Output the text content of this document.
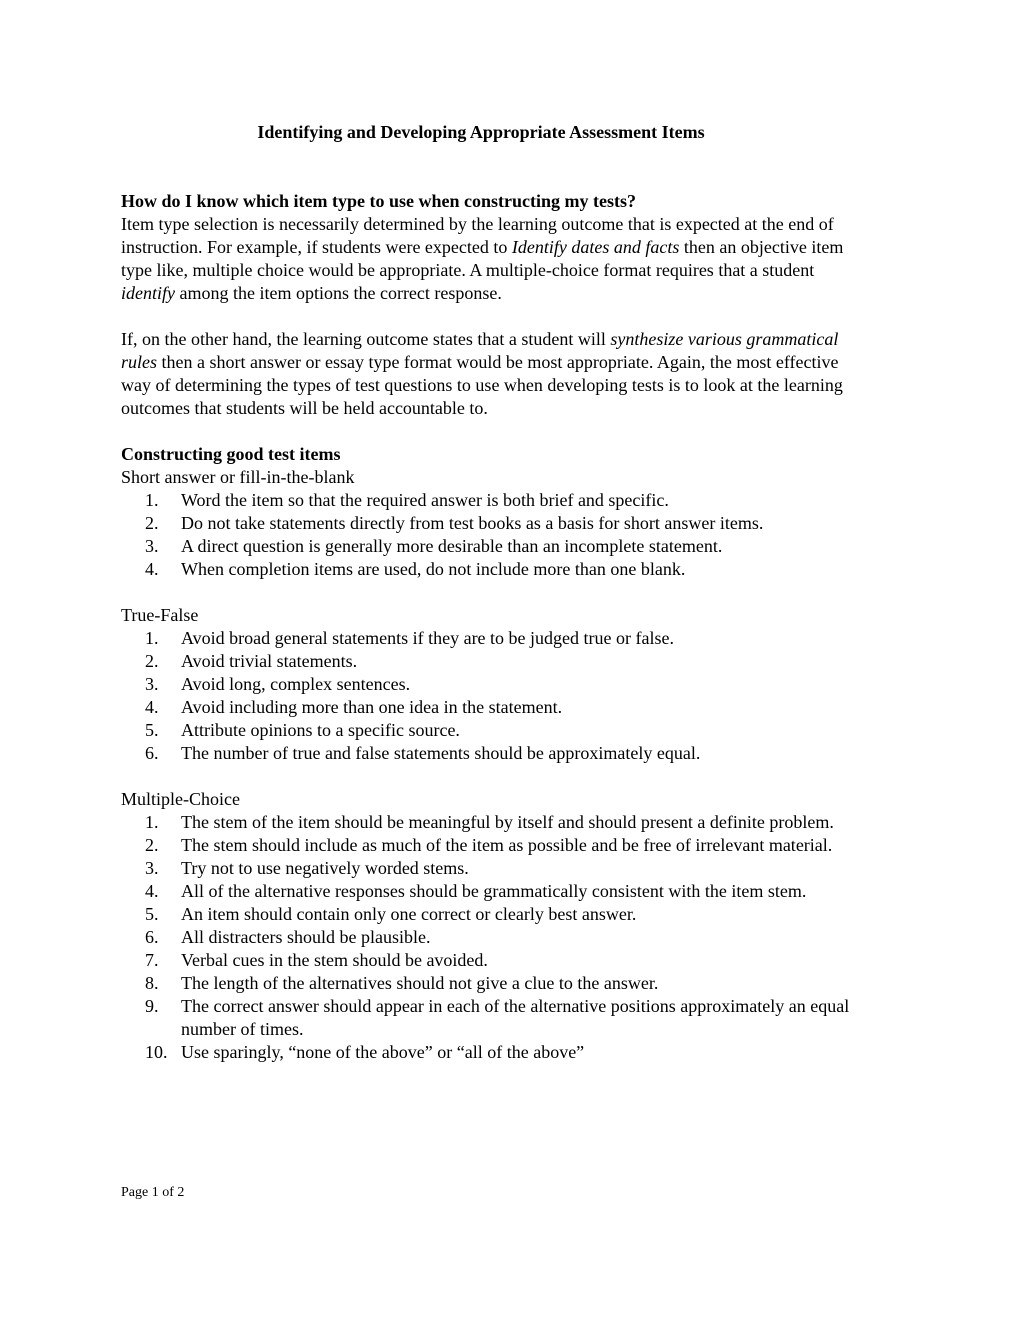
Identifying and Developing Appropriate Assessment Items

How do I know which item type to use when constructing my tests?

Item type selection is necessarily determined by the learning outcome that is expected at the end of instruction. For example, if students were expected to Identify dates and facts then an objective item type like, multiple choice would be appropriate. A multiple-choice format requires that a student identify among the item options the correct response.

If, on the other hand, the learning outcome states that a student will synthesize various grammatical rules then a short answer or essay type format would be most appropriate. Again, the most effective way of determining the types of test questions to use when developing tests is to look at the learning outcomes that students will be held accountable to.

Constructing good test items

Short answer or fill-in-the-blank

1. Word the item so that the required answer is both brief and specific.
2. Do not take statements directly from test books as a basis for short answer items.
3. A direct question is generally more desirable than an incomplete statement.
4. When completion items are used, do not include more than one blank.

True-False

1. Avoid broad general statements if they are to be judged true or false.
2. Avoid trivial statements.
3. Avoid long, complex sentences.
4. Avoid including more than one idea in the statement.
5. Attribute opinions to a specific source.
6. The number of true and false statements should be approximately equal.

Multiple-Choice

1. The stem of the item should be meaningful by itself and should present a definite problem.
2. The stem should include as much of the item as possible and be free of irrelevant material.
3. Try not to use negatively worded stems.
4. All of the alternative responses should be grammatically consistent with the item stem.
5. An item should contain only one correct or clearly best answer.
6. All distracters should be plausible.
7. Verbal cues in the stem should be avoided.
8. The length of the alternatives should not give a clue to the answer.
9. The correct answer should appear in each of the alternative positions approximately an equal number of times.
10. Use sparingly, “none of the above” or “all of the above”
Page 1 of 2
